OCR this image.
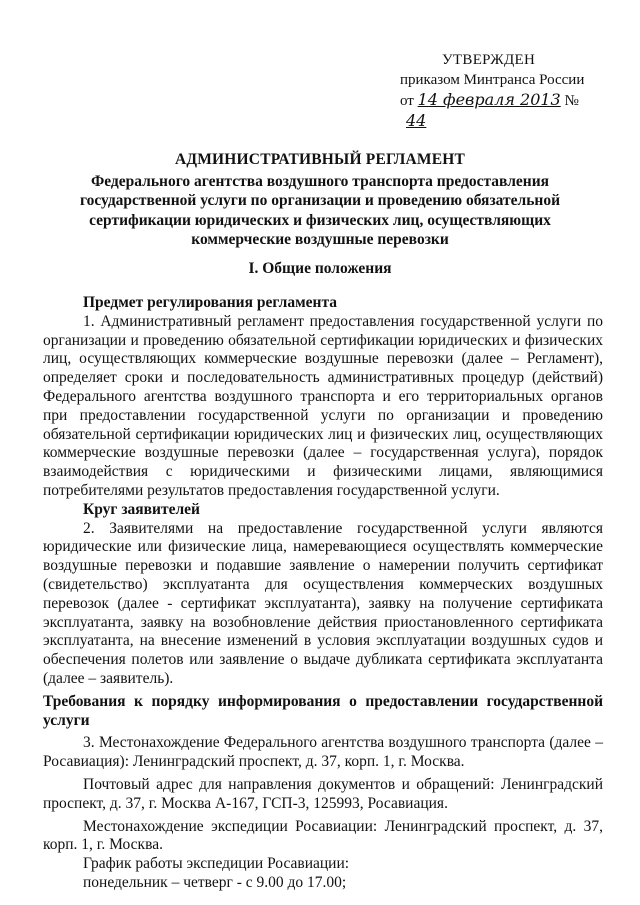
УТВЕРЖДЕН
приказом Минтранса России
от 14 февраля 2013 № 44
АДМИНИСТРАТИВНЫЙ РЕГЛАМЕНТ
Федерального агентства воздушного транспорта предоставления государственной услуги по организации и проведению обязательной сертификации юридических и физических лиц, осуществляющих коммерческие воздушные перевозки
I. Общие положения

Предмет регулирования регламента

1. Административный регламент предоставления государственной услуги по организации и проведению обязательной сертификации юридических и физических лиц, осуществляющих коммерческие воздушные перевозки (далее – Регламент), определяет сроки и последовательность административных процедур (действий) Федерального агентства воздушного транспорта и его территориальных органов при предоставлении государственной услуги по организации и проведению обязательной сертификации юридических лиц и физических лиц, осуществляющих коммерческие воздушные перевозки (далее – государственная услуга), порядок взаимодействия с юридическими и физическими лицами, являющимися потребителями результатов предоставления государственной услуги.

Круг заявителей

2. Заявителями на предоставление государственной услуги являются юридические или физические лица, намеревающиеся осуществлять коммерческие воздушные перевозки и подавшие заявление о намерении получить сертификат (свидетельство) эксплуатанта для осуществления коммерческих воздушных перевозок (далее - сертификат эксплуатанта), заявку на получение сертификата эксплуатанта, заявку на возобновление действия приостановленного сертификата эксплуатанта, на внесение изменений в условия эксплуатации воздушных судов и обеспечения полетов или заявление о выдаче дубликата сертификата эксплуатанта (далее – заявитель).

Требования к порядку информирования о предоставлении государственной услуги

3. Местонахождение Федерального агентства воздушного транспорта (далее – Росавиация): Ленинградский проспект, д. 37, корп. 1, г. Москва.

Почтовый адрес для направления документов и обращений: Ленинградский проспект, д. 37, г. Москва А-167, ГСП-3, 125993, Росавиация.

Местонахождение экспедиции Росавиации: Ленинградский проспект, д. 37, корп. 1, г. Москва.

График работы экспедиции Росавиации:

понедельник – четверг - с 9.00 до 17.00;
